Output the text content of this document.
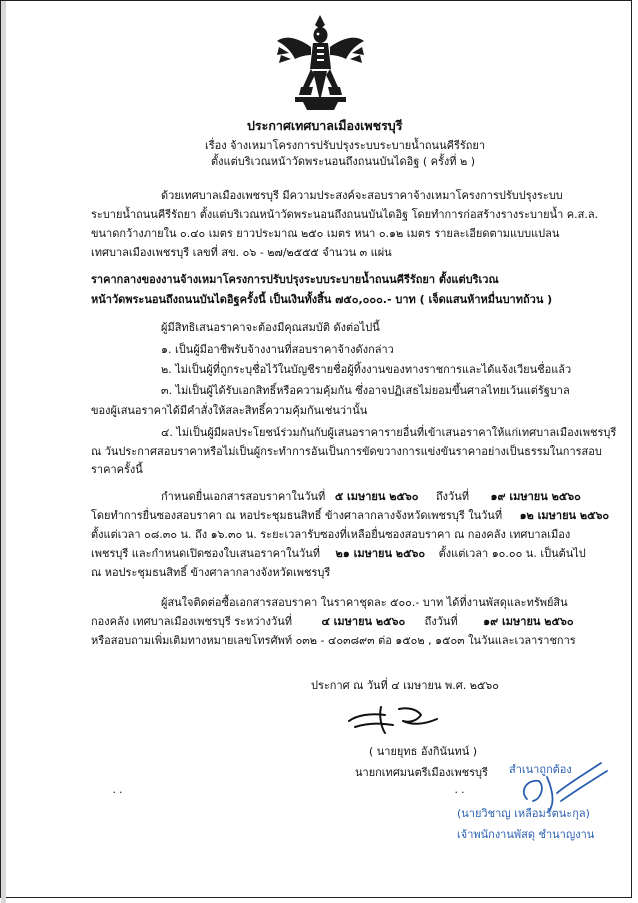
ประกาศเทศบาลเมืองเพชรบุรี
เรื่อง จ้างเหมาโครงการปรับปรุงระบบระบายน้ำถนนคีรีรัถยา
ตั้งแต่บริเวณหน้าวัดพระนอนถึงถนนบันไดอิฐ ( ครั้งที่ ๒ )
ด้วยเทศบาลเมืองเพชรบุรี มีความประสงค์จะสอบราคาจ้างเหมาโครงการปรับปรุงระบบ
ระบายน้ำถนนคีรีรัถยา ตั้งแต่บริเวณหน้าวัดพระนอนถึงถนนบันไดอิฐ โดยทำการก่อสร้างรางระบายน้ำ ค.ส.ล.
ขนาดกว้างภายใน ๐.๔๐ เมตร ยาวประมาณ ๒๕๐ เมตร หนา ๐.๑๒ เมตร รายละเอียดตามแบบแปลน
เทศบาลเมืองเพชรบุรี เลขที่ สข. ๐๖ - ๒๗/๒๕๕๕ จำนวน ๓ แผ่น
ราคากลางของงานจ้างเหมาโครงการปรับปรุงระบบระบายน้ำถนนคีรีรัถยา ตั้งแต่บริเวณ
หน้าวัดพระนอนถึงถนนบันไดอิฐครั้งนี้ เป็นเงินทั้งสิ้น ๗๕๐,๐๐๐.- บาท ( เจ็ดแสนห้าหมื่นบาทถ้วน )
ผู้มีสิทธิเสนอราคาจะต้องมีคุณสมบัติ ดังต่อไปนี้
๑. เป็นผู้มีอาชีพรับจ้างงานที่สอบราคาจ้างดังกล่าว
๒. ไม่เป็นผู้ที่ถูกระบุชื่อไว้ในบัญชีรายชื่อผู้ทิ้งงานของทางราชการและได้แจ้งเวียนชื่อแล้ว
๓. ไม่เป็นผู้ได้รับเอกสิทธิ์หรือความคุ้มกัน ซึ่งอาจปฏิเสธไม่ยอมขึ้นศาลไทยเว้นแต่รัฐบาล
ของผู้เสนอราคาได้มีคำสั่งให้สละสิทธิ์ความคุ้มกันเช่นว่านั้น
๔. ไม่เป็นผู้มีผลประโยชน์ร่วมกันกับผู้เสนอราคารายอื่นที่เข้าเสนอราคาให้แก่เทศบาลเมืองเพชรบุรี
ณ วันประกาศสอบราคาหรือไม่เป็นผู้กระทำการอันเป็นการขัดขวางการแข่งขันราคาอย่างเป็นธรรมในการสอบ
ราคาครั้งนี้
กำหนดยื่นเอกสารสอบราคาในวันที่ ๕ เมษายน ๒๕๖๐ ถึงวันที่ ๑๙ เมษายน ๒๕๖๐
โดยทำการยื่นซองสอบราคา ณ หอประชุมธนสิทธิ์ ข้างศาลากลางจังหวัดเพชรบุรี ในวันที่ ๑๒ เมษายน ๒๕๖๐
ตั้งแต่เวลา ๐๘.๓๐ น. ถึง ๑๖.๓๐ น. ระยะเวลารับซองที่เหลือยื่นซองสอบราคา ณ กองคลัง เทศบาลเมือง
เพชรบุรี และกำหนดเปิดซองใบเสนอราคาในวันที่ ๒๑ เมษายน ๒๕๖๐ ตั้งแต่เวลา ๑๐.๐๐ น. เป็นต้นไป
ณ หอประชุมธนสิทธิ์ ข้างศาลากลางจังหวัดเพชรบุรี
ผู้สนใจติดต่อซื้อเอกสารสอบราคา ในราคาชุดละ ๕๐๐.- บาท ได้ที่งานพัสดุและทรัพย์สิน
กองคลัง เทศบาลเมืองเพชรบุรี ระหว่างวันที่	๔ เมษายน ๒๕๖๐ ถึงวันที่ ๑๙ เมษายน ๒๕๖๐
หรือสอบถามเพิ่มเติมทางหมายเลขโทรศัพท์ ๐๓๒ - ๔๐๓๘๙๓ ต่อ ๑๕๐๒ , ๑๕๐๓ ในวันและเวลาราชการ
ประกาศ ณ วันที่ ๔ เมษายน พ.ศ. ๒๕๖๐
( นายยุทธ อังกินันทน์ )
นายกเทศมนตรีเมืองเพชรบุรี สำเนาถูกต้อง
(นายวิชาญ เหลือมรัตนะกุล)
เจ้าพนักงานพัสดุ ชำนาญงาน
˙˙	˙˙
